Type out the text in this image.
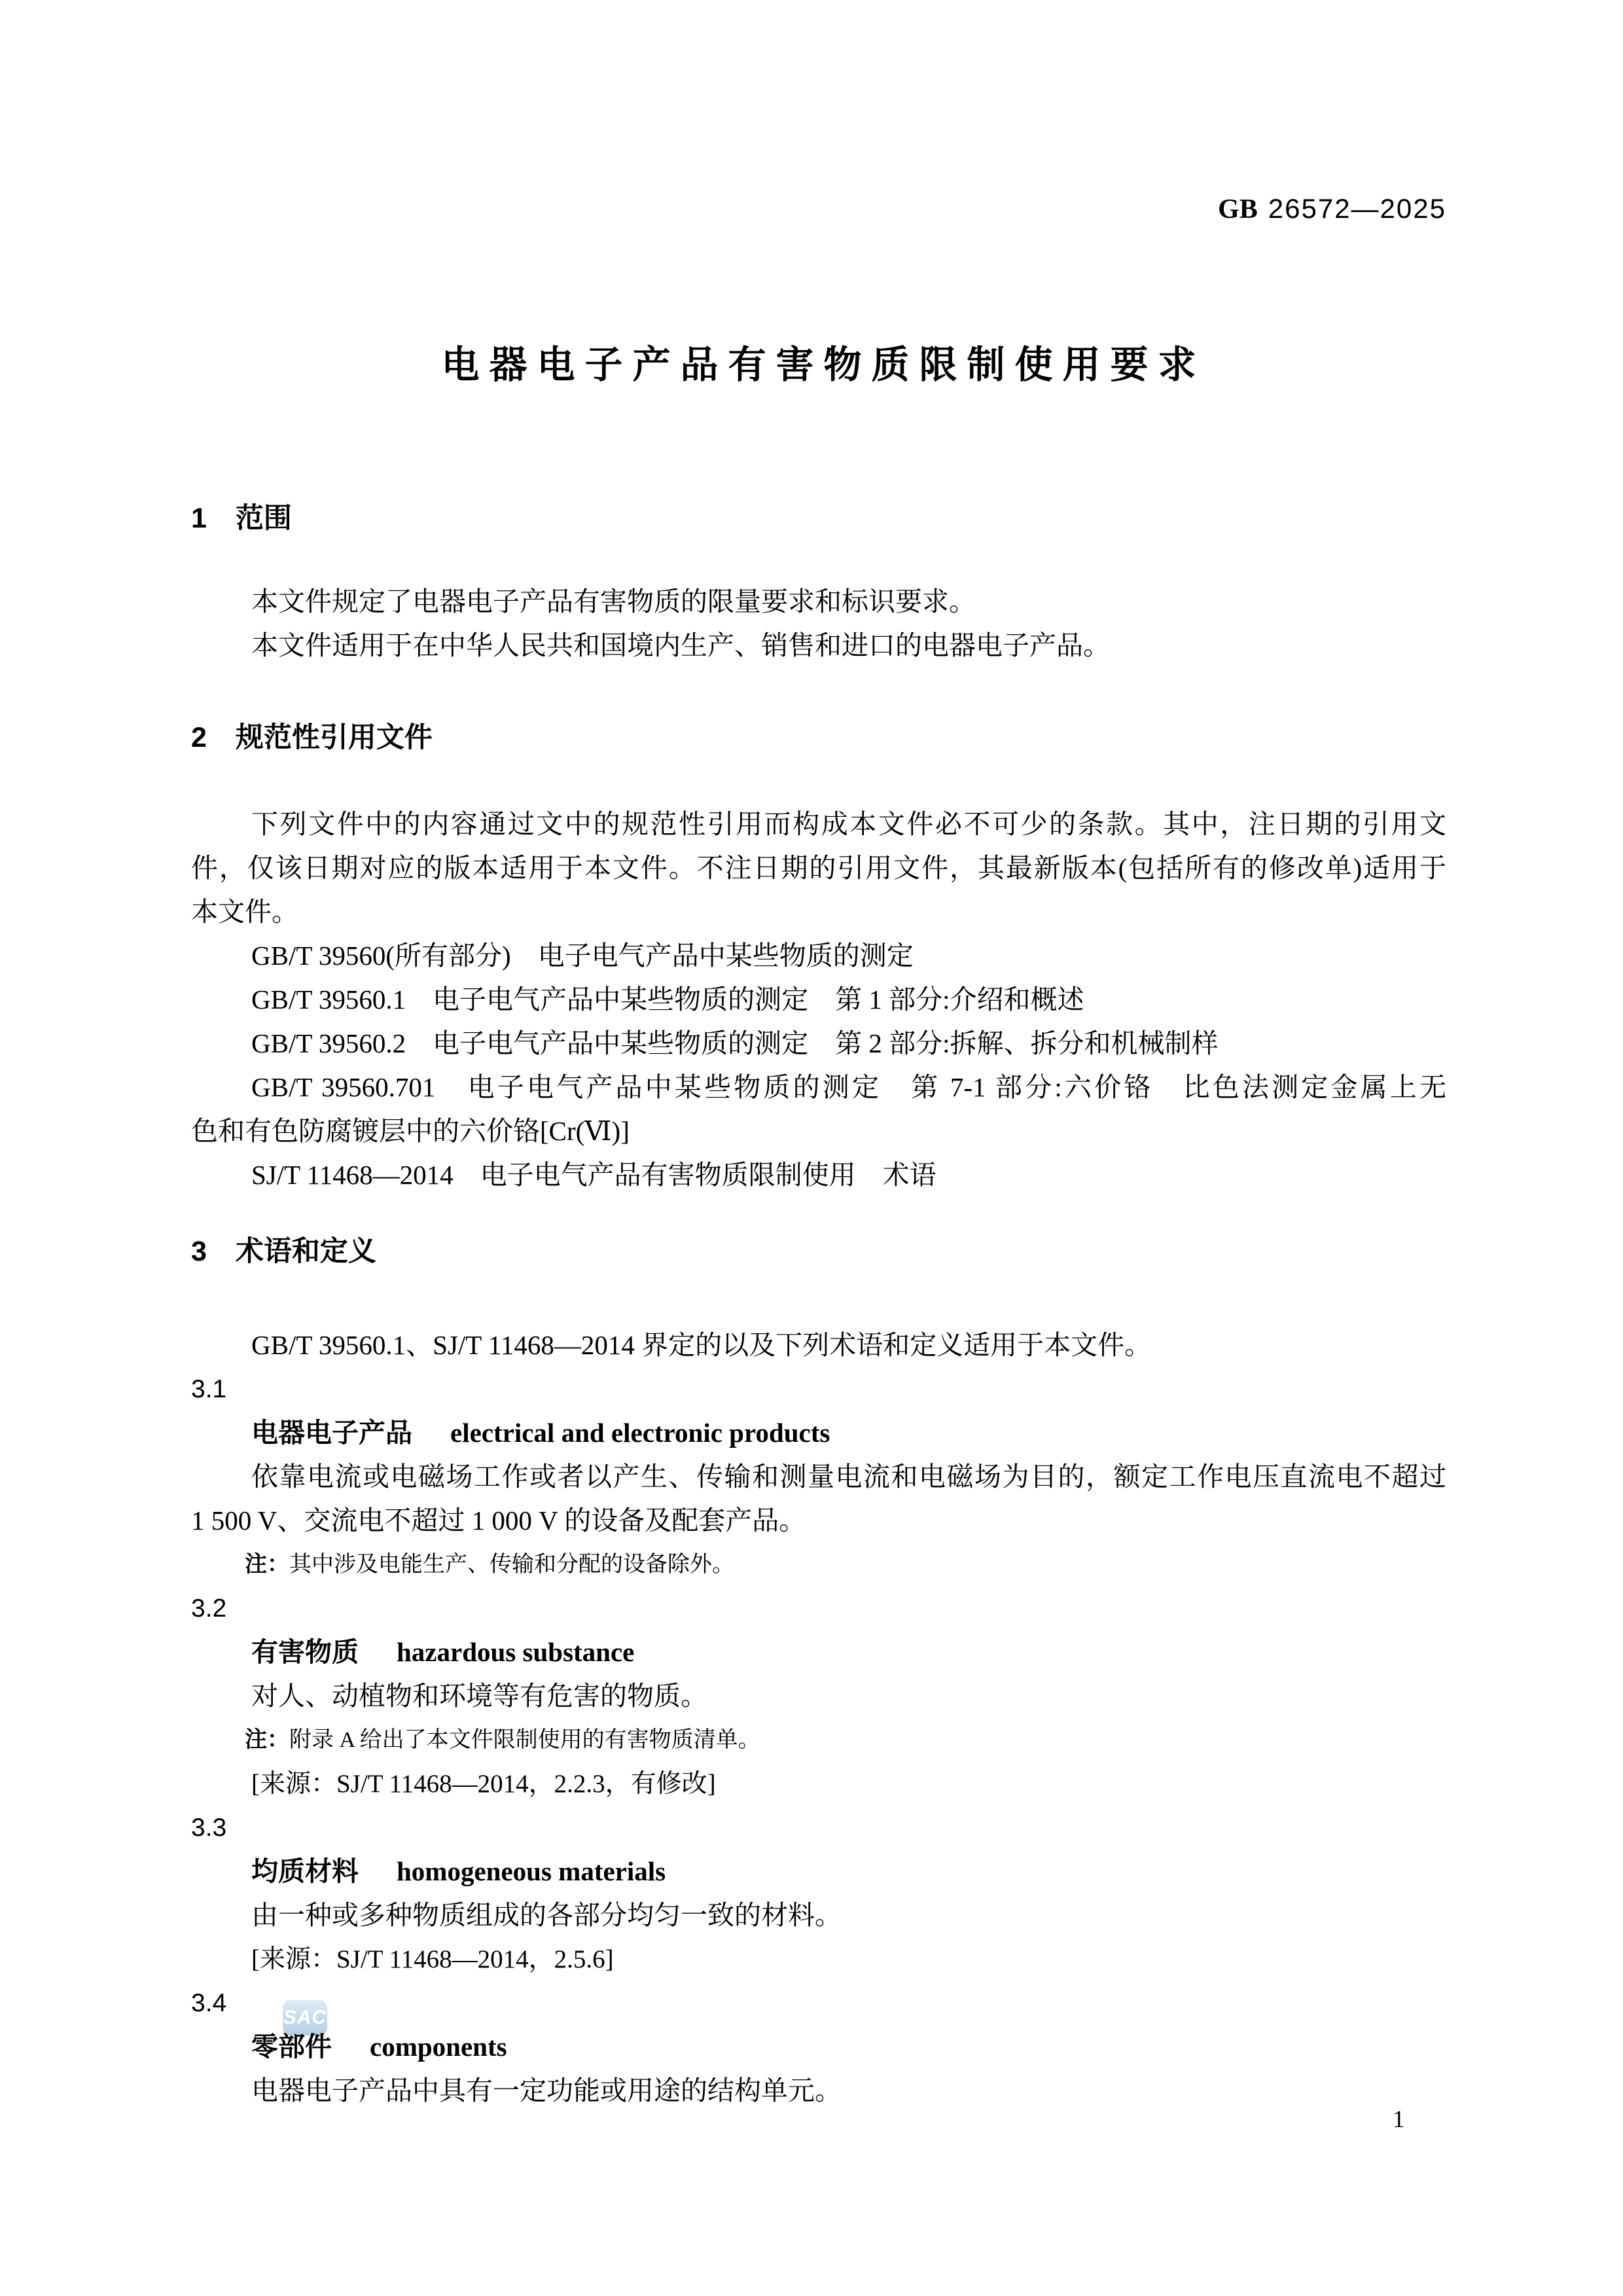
SAC
GB 26572—2025
电器电子产品有害物质限制使用要求
1 范围
本文件规定了电器电子产品有害物质的限量要求和标识要求。
本文件适用于在中华人民共和国境内生产、销售和进口的电器电子产品。
2 规范性引用文件
下列文件中的内容通过文中的规范性引用而构成本文件必不可少的条款。其中，注日期的引用文
件，仅该日期对应的版本适用于本文件。不注日期的引用文件，其最新版本(包括所有的修改单)适用于
本文件。
GB/T 39560(所有部分)　电子电气产品中某些物质的测定
GB/T 39560.1　电子电气产品中某些物质的测定　第 1 部分:介绍和概述
GB/T 39560.2　电子电气产品中某些物质的测定　第 2 部分:拆解、拆分和机械制样
GB/T 39560.701　电子电气产品中某些物质的测定　第 7-1 部分:六价铬　比色法测定金属上无
色和有色防腐镀层中的六价铬[Cr(Ⅵ)]
SJ/T 11468—2014　电子电气产品有害物质限制使用　术语
3 术语和定义
GB/T 39560.1、SJ/T 11468—2014 界定的以及下列术语和定义适用于本文件。
3.1
电器电子产品 electrical and electronic products
依靠电流或电磁场工作或者以产生、传输和测量电流和电磁场为目的，额定工作电压直流电不超过
1 500 V、交流电不超过 1 000 V 的设备及配套产品。
注：其中涉及电能生产、传输和分配的设备除外。
3.2
有害物质 hazardous substance
对人、动植物和环境等有危害的物质。
注：附录 A 给出了本文件限制使用的有害物质清单。
[来源：SJ/T 11468—2014，2.2.3，有修改]
3.3
均质材料 homogeneous materials
由一种或多种物质组成的各部分均匀一致的材料。
[来源：SJ/T 11468—2014，2.5.6]
3.4
零部件 components
电器电子产品中具有一定功能或用途的结构单元。
1
